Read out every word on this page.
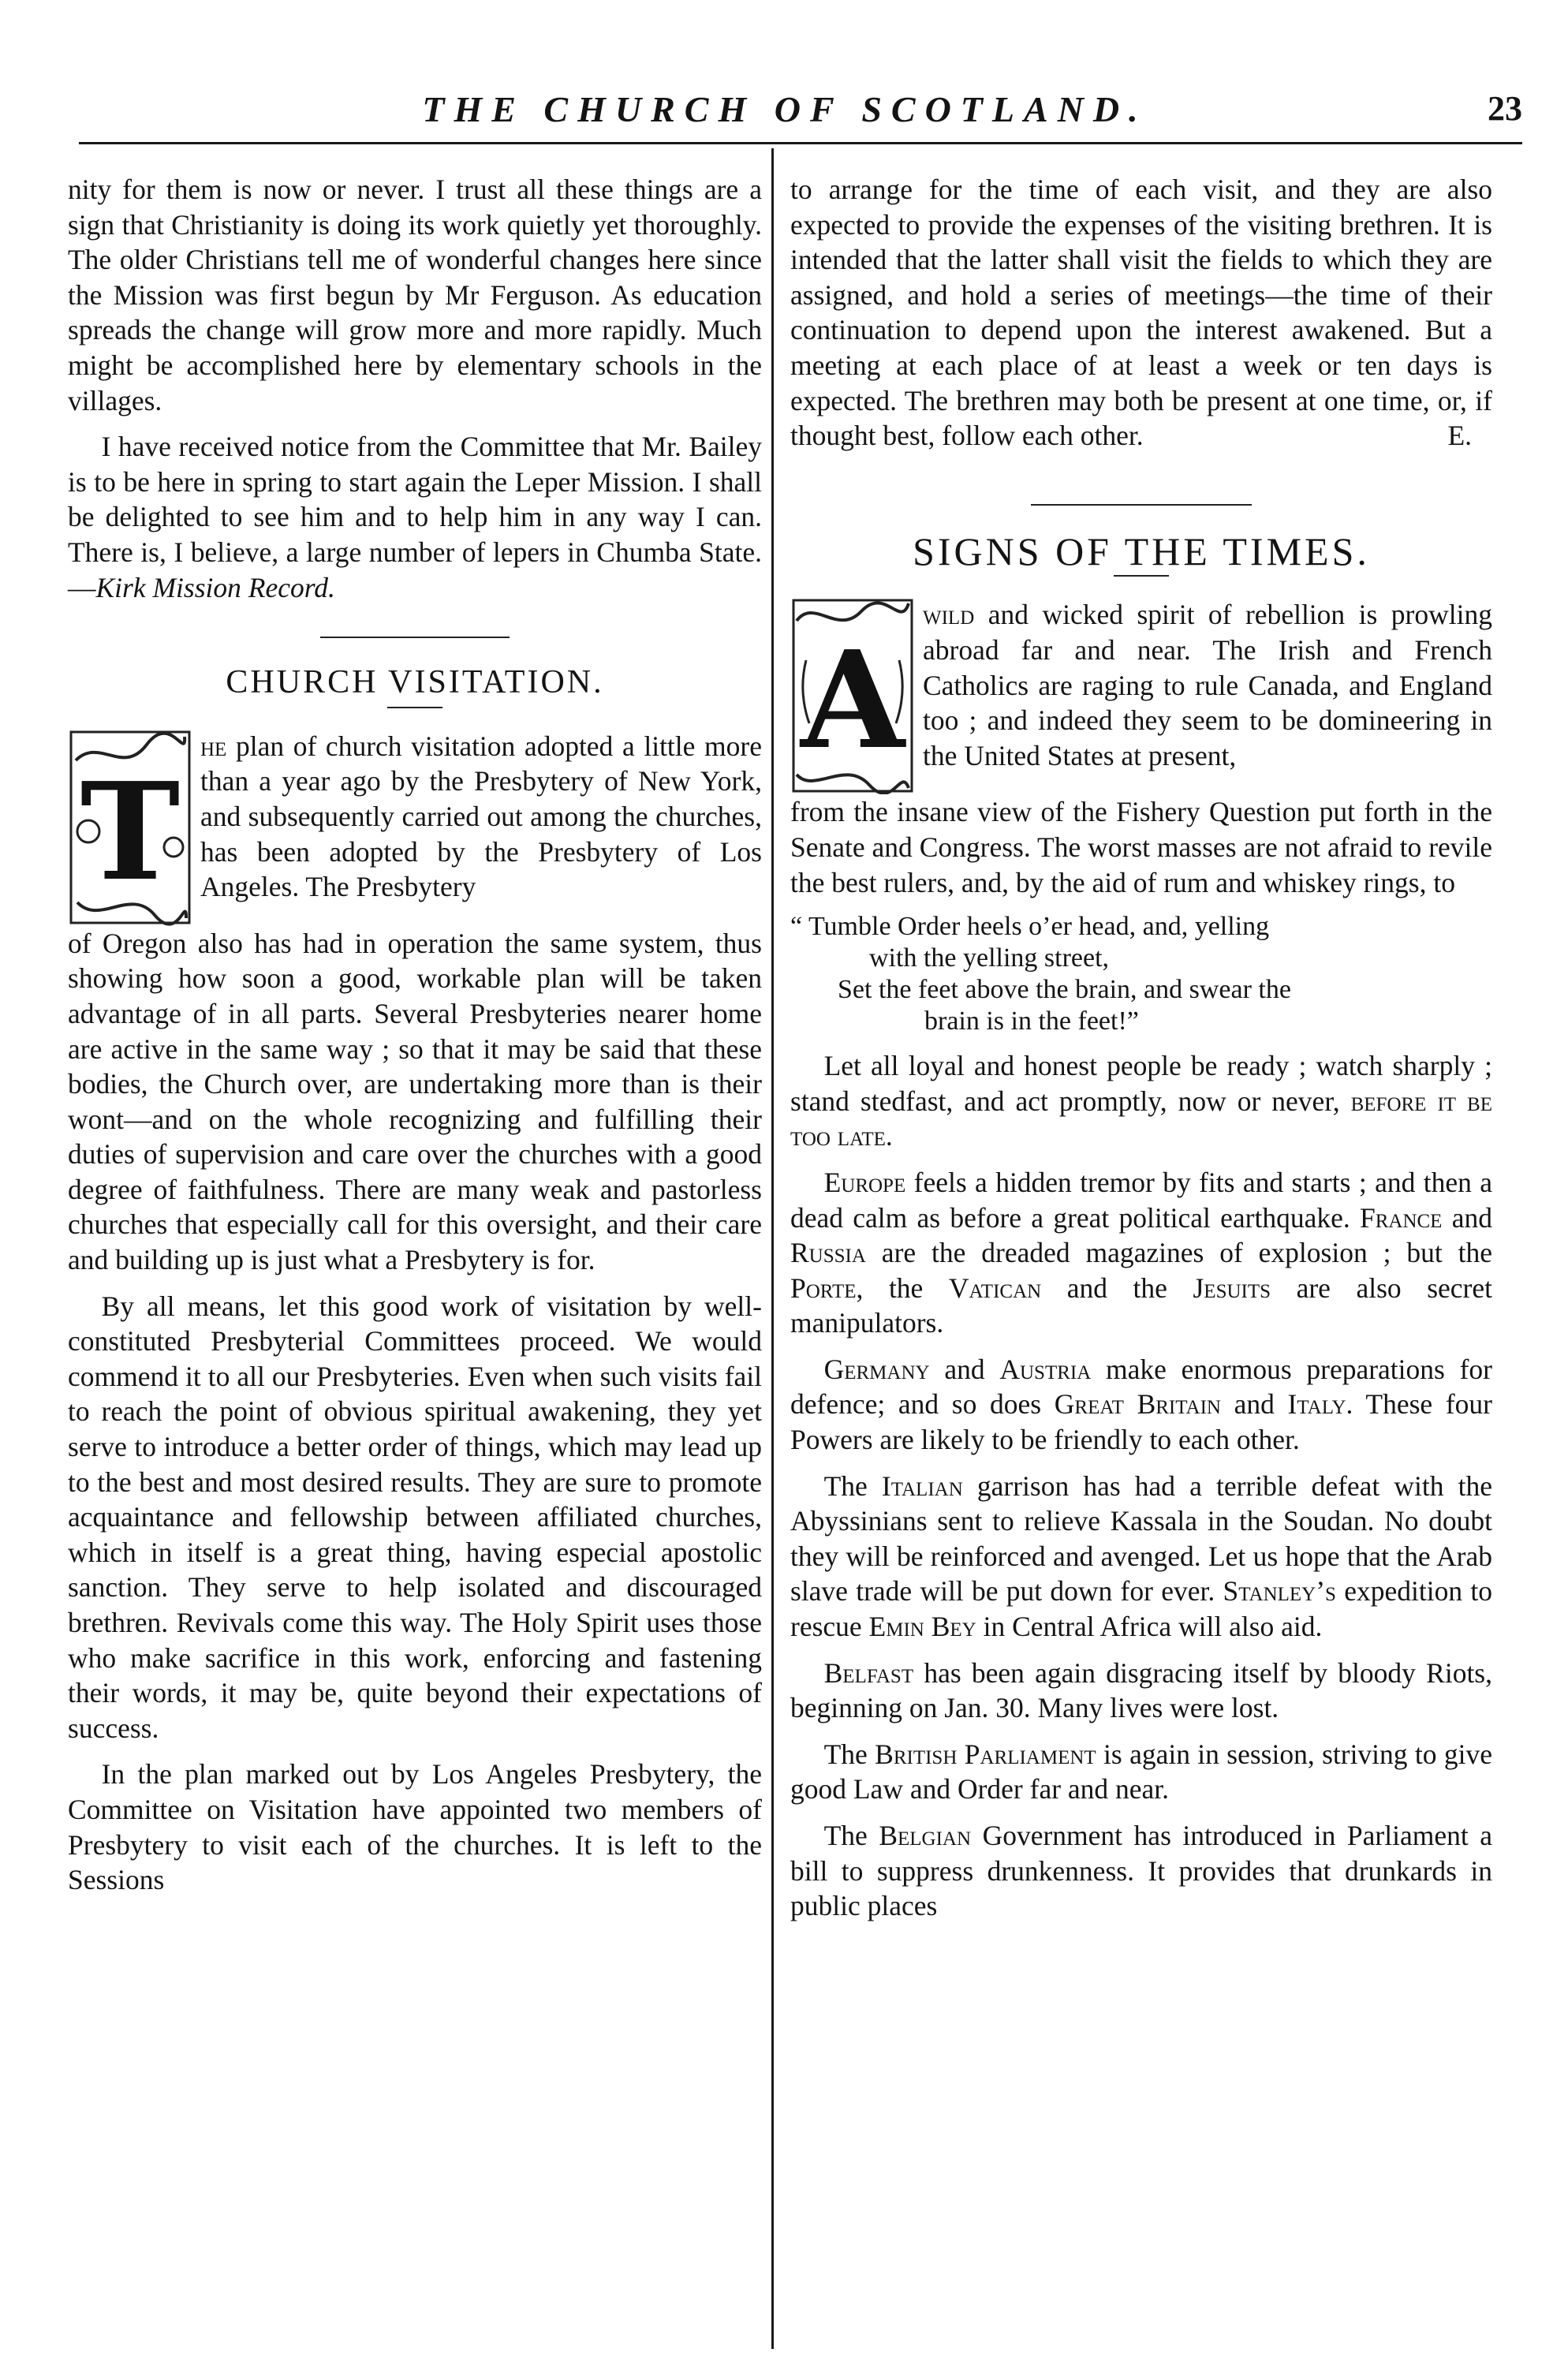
THE CHURCH OF SCOTLAND.	23

nity for them is now or never. I trust all these things are a sign that Christianity is doing its work quietly yet thoroughly. The older Christians tell me of wonderful changes here since the Mission was first begun by Mr Ferguson. As education spreads the change will grow more and more rapidly. Much might be accomplished here by elementary schools in the villages.

I have received notice from the Committee that Mr. Bailey is to be here in spring to start again the Leper Mission. I shall be delighted to see him and to help him in any way I can. There is, I believe, a large number of lepers in Chumba State.—Kirk Mission Record.

CHURCH VISITATION.
T
he plan of church visitation adopted a little more than a year ago by the Presbytery of New York, and subsequently carried out among the churches, has been adopted by the Presbytery of Los Angeles. The Presbytery

of Oregon also has had in operation the same system, thus showing how soon a good, workable plan will be taken advantage of in all parts. Several Presbyteries nearer home are active in the same way ; so that it may be said that these bodies, the Church over, are undertaking more than is their wont—and on the whole recognizing and fulfilling their duties of supervision and care over the churches with a good degree of faithfulness. There are many weak and pastorless churches that especially call for this oversight, and their care and building up is just what a Presbytery is for.

By all means, let this good work of visitation by well-constituted Presbyterial Committees proceed. We would commend it to all our Presbyteries. Even when such visits fail to reach the point of obvious spiritual awakening, they yet serve to introduce a better order of things, which may lead up to the best and most desired results. They are sure to promote acquaintance and fellowship between affiliated churches, which in itself is a great thing, having especial apostolic sanction. They serve to help isolated and discouraged brethren. Revivals come this way. The Holy Spirit uses those who make sacrifice in this work, enforcing and fastening their words, it may be, quite beyond their expectations of success.

In the plan marked out by Los Angeles Presbytery, the Committee on Visitation have appointed two members of Presbytery to visit each of the churches. It is left to the Sessions

to arrange for the time of each visit, and they are also expected to provide the expenses of the visiting brethren. It is intended that the latter shall visit the fields to which they are assigned, and hold a series of meetings—the time of their continuation to depend upon the interest awakened. But a meeting at each place of at least a week or ten days is expected. The brethren may both be present at one time, or, if thought best, follow each other.	E.

SIGNS OF THE TIMES.
A
wild and wicked spirit of rebellion is prowling abroad far and near. The Irish and French Catholics are raging to rule Canada, and England too ; and indeed they seem to be domineering in the United States at present,

from the insane view of the Fishery Question put forth in the Senate and Congress. The worst masses are not afraid to revile the best rulers, and, by the aid of rum and whiskey rings, to

“ Tumble Order heels o’er head, and, yelling
with the yelling street,
Set the feet above the brain, and swear the
brain is in the feet!”

Let all loyal and honest people be ready ; watch sharply ; stand stedfast, and act promptly, now or never, before it be too late.

Europe feels a hidden tremor by fits and starts ; and then a dead calm as before a great political earthquake. France and Russia are the dreaded magazines of explosion ; but the Porte, the Vatican and the Jesuits are also secret manipulators.

Germany and Austria make enormous preparations for defence; and so does Great Britain and Italy. These four Powers are likely to be friendly to each other.

The Italian garrison has had a terrible defeat with the Abyssinians sent to relieve Kassala in the Soudan. No doubt they will be reinforced and avenged. Let us hope that the Arab slave trade will be put down for ever. Stanley’s expedition to rescue Emin Bey in Central Africa will also aid.

Belfast has been again disgracing itself by bloody Riots, beginning on Jan. 30. Many lives were lost.

The British Parliament is again in session, striving to give good Law and Order far and near.

The Belgian Government has introduced in Parliament a bill to suppress drunkenness. It provides that drunkards in public places
